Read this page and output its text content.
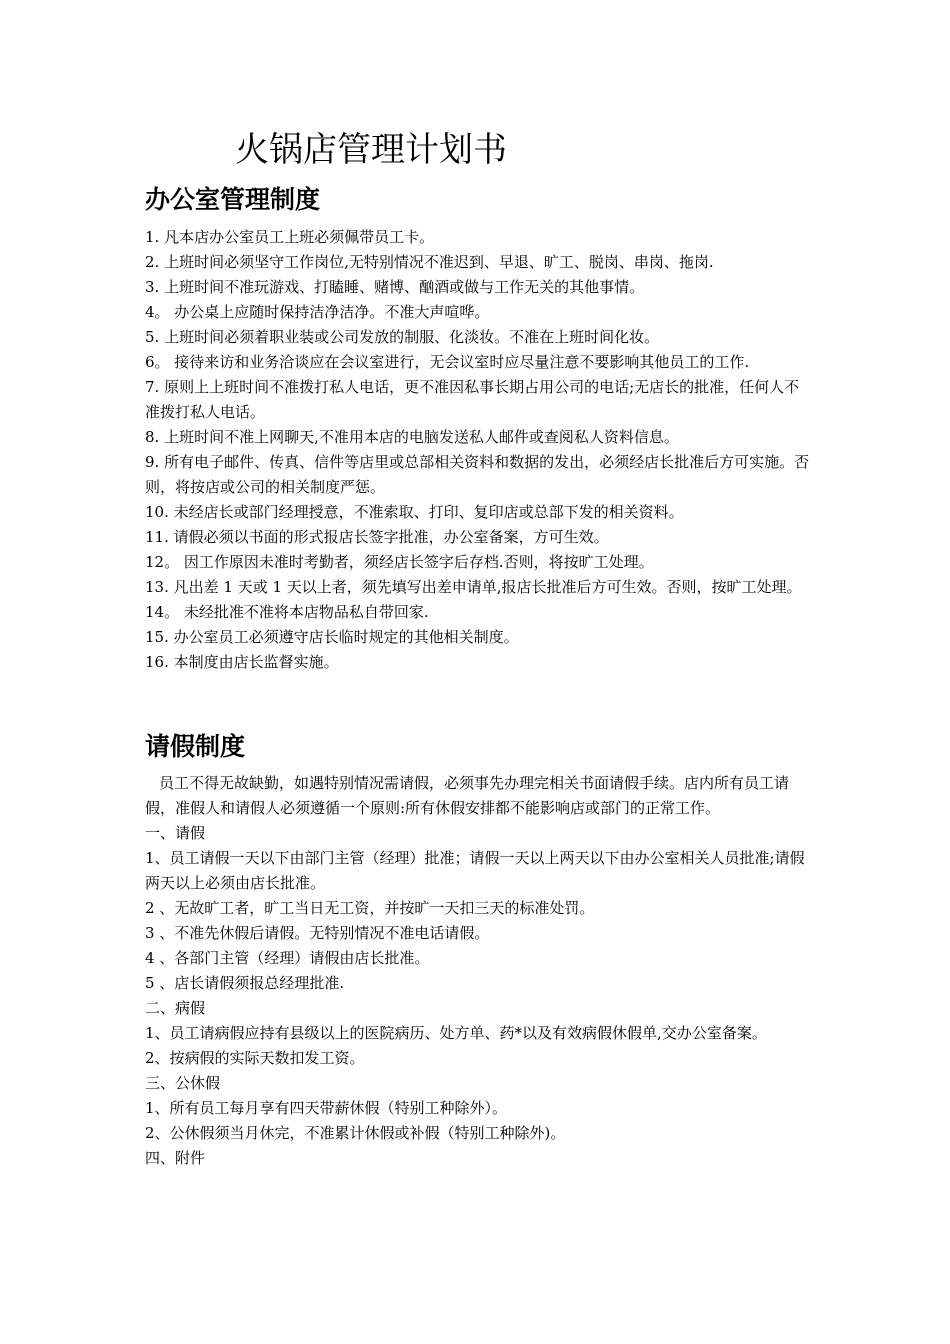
火锅店管理计划书
办公室管理制度

1. 凡本店办公室员工上班必须佩带员工卡。

2. 上班时间必须坚守工作岗位,无特别情况不准迟到、早退、旷工、脱岗、串岗、拖岗.

3. 上班时间不准玩游戏、打瞌睡、赌博、酗酒或做与工作无关的其他事情。

4。 办公桌上应随时保持洁净洁净。不准大声喧哗。

5. 上班时间必须着职业装或公司发放的制服、化淡妆。不准在上班时间化妆。

6。 接待来访和业务洽谈应在会议室进行，无会议室时应尽量注意不要影响其他员工的工作.

7. 原则上上班时间不准拨打私人电话，更不准因私事长期占用公司的电话;无店长的批准，任何人不准拨打私人电话。

8. 上班时间不准上网聊天,不准用本店的电脑发送私人邮件或查阅私人资料信息。

9. 所有电子邮件、传真、信件等店里或总部相关资料和数据的发出，必须经店长批准后方可实施。否则，将按店或公司的相关制度严惩。

10. 未经店长或部门经理授意，不准索取、打印、复印店或总部下发的相关资料。

11. 请假必须以书面的形式报店长签字批准，办公室备案，方可生效。

12。 因工作原因未准时考勤者，须经店长签字后存档.否则，将按旷工处理。

13. 凡出差 1 天或 1 天以上者，须先填写出差申请单,报店长批准后方可生效。否则，按旷工处理。

14。 未经批准不准将本店物品私自带回家.

15. 办公室员工必须遵守店长临时规定的其他相关制度。

16. 本制度由店长监督实施。

请假制度

员工不得无故缺勤，如遇特别情况需请假，必须事先办理完相关书面请假手续。店内所有员工请假，准假人和请假人必须遵循一个原则:所有休假安排都不能影响店或部门的正常工作。

一、请假

1、员工请假一天以下由部门主管（经理）批准；请假一天以上两天以下由办公室相关人员批准;请假两天以上必须由店长批准。

2 、无故旷工者，旷工当日无工资，并按旷一天扣三天的标准处罚。

3 、不准先休假后请假。无特别情况不准电话请假。

4 、各部门主管（经理）请假由店长批准。

5 、店长请假须报总经理批准.

二、病假

1、员工请病假应持有县级以上的医院病历、处方单、药*以及有效病假休假单,交办公室备案。

2、按病假的实际天数扣发工资。

三、公休假

1、所有员工每月享有四天带薪休假（特别工种除外）。

2、公休假须当月休完，不准累计休假或补假（特别工种除外)。

四、附件
